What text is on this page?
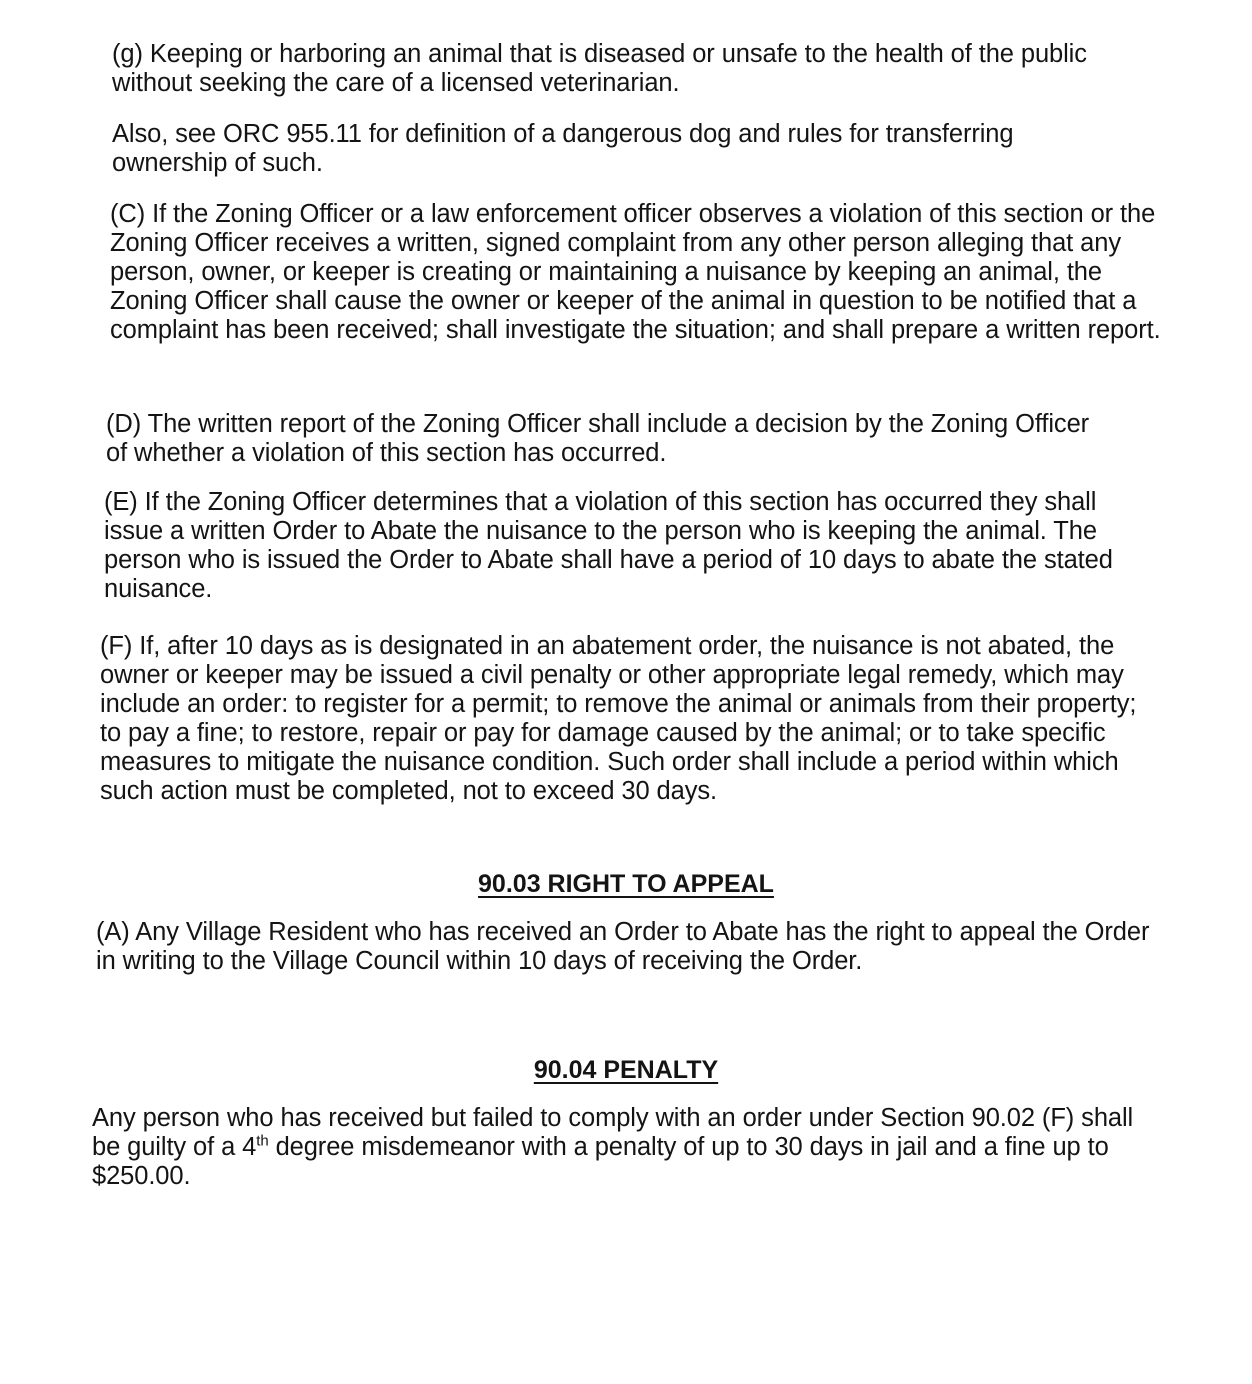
(g) Keeping or harboring an animal that is diseased or unsafe to the health of the public without seeking the care of a licensed veterinarian.

Also, see ORC 955.11 for definition of a dangerous dog and rules for transferring ownership of such.

(C) If the Zoning Officer or a law enforcement officer observes a violation of this section or the Zoning Officer receives a written, signed complaint from any other person alleging that any person, owner, or keeper is creating or maintaining a nuisance by keeping an animal, the Zoning Officer shall cause the owner or keeper of the animal in question to be notified that a complaint has been received; shall investigate the situation; and shall prepare a written report.

(D) The written report of the Zoning Officer shall include a decision by the Zoning Officer of whether a violation of this section has occurred.

(E) If the Zoning Officer determines that a violation of this section has occurred they shall issue a written Order to Abate the nuisance to the person who is keeping the animal. The person who is issued the Order to Abate shall have a period of 10 days to abate the stated nuisance.

(F) If, after 10 days as is designated in an abatement order, the nuisance is not abated, the owner or keeper may be issued a civil penalty or other appropriate legal remedy, which may include an order: to register for a permit; to remove the animal or animals from their property; to pay a fine; to restore, repair or pay for damage caused by the animal; or to take specific measures to mitigate the nuisance condition. Such order shall include a period within which such action must be completed, not to exceed 30 days.

90.03 RIGHT TO APPEAL

(A) Any Village Resident who has received an Order to Abate has the right to appeal the Order in writing to the Village Council within 10 days of receiving the Order.

90.04 PENALTY

Any person who has received but failed to comply with an order under Section 90.02 (F) shall be guilty of a 4th degree misdemeanor with a penalty of up to 30 days in jail and a fine up to $250.00.
